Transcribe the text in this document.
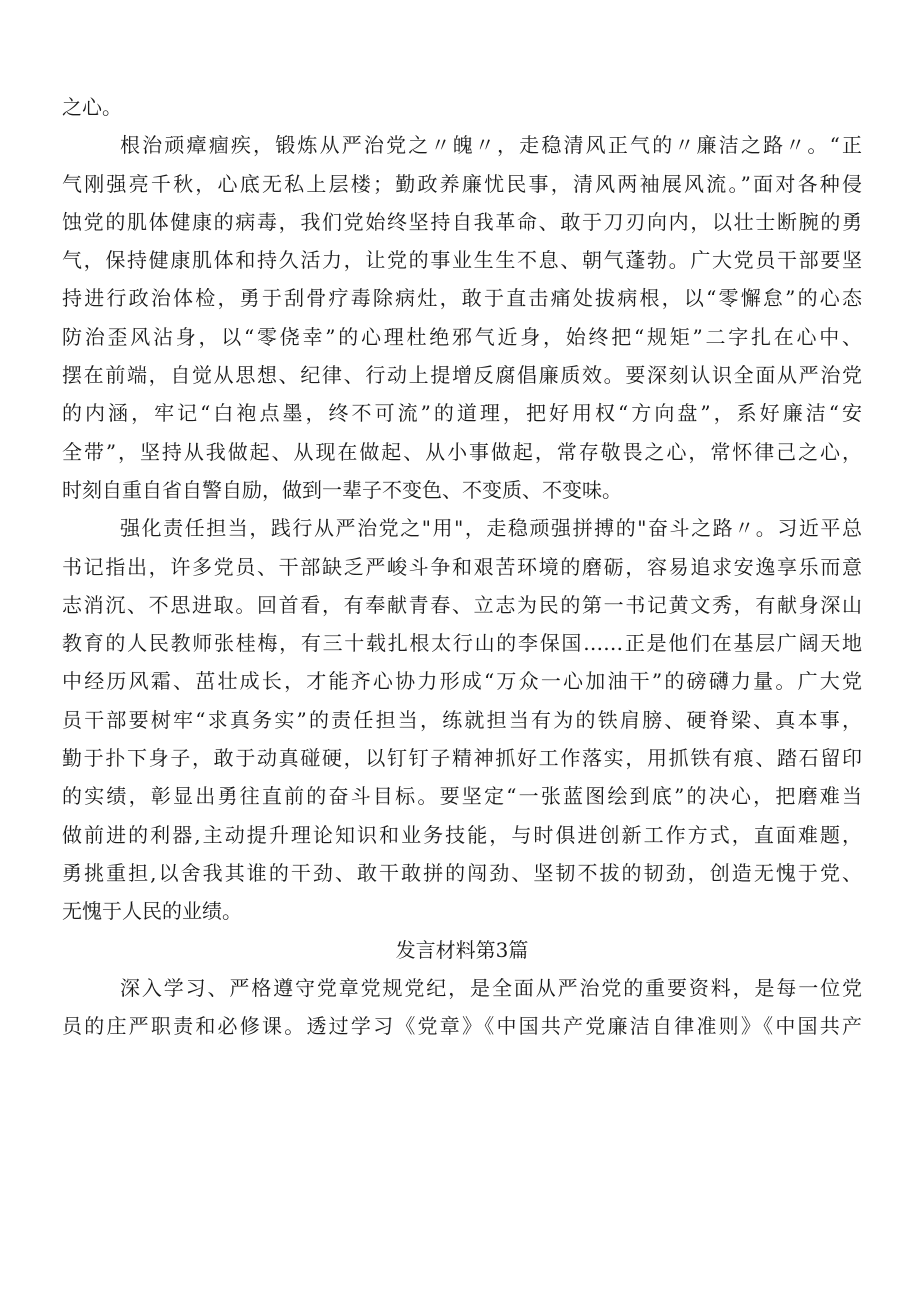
之心。
根治顽瘴痼疾，锻炼从严治党之〃魄〃，走稳清风正气的〃廉洁之路〃。“正
气刚强亮千秋，心底无私上层楼；勤政养廉忧民事，清风两袖展风流。”面对各种侵
蚀党的肌体健康的病毒，我们党始终坚持自我革命、敢于刀刃向内，以壮士断腕的勇
气，保持健康肌体和持久活力，让党的事业生生不息、朝气蓬勃。广大党员干部要坚
持进行政治体检，勇于刮骨疗毒除病灶，敢于直击痛处拔病根，以“零懈怠”的心态
防治歪风沾身，以“零侥幸”的心理杜绝邪气近身，始终把“规矩”二字扎在心中、
摆在前端，自觉从思想、纪律、行动上提增反腐倡廉质效。要深刻认识全面从严治党
的内涵，牢记“白袍点墨，终不可流”的道理，把好用权“方向盘”，系好廉洁“安
全带”，坚持从我做起、从现在做起、从小事做起，常存敬畏之心，常怀律己之心，
时刻自重自省自警自励，做到一辈子不变色、不变质、不变味。
强化责任担当，践行从严治党之"用"，走稳顽强拼搏的"奋斗之路〃。习近平总
书记指出，许多党员、干部缺乏严峻斗争和艰苦环境的磨砺，容易追求安逸享乐而意
志消沉、不思进取。回首看，有奉献青春、立志为民的第一书记黄文秀，有献身深山
教育的人民教师张桂梅，有三十载扎根太行山的李保国……正是他们在基层广阔天地
中经历风霜、茁壮成长，才能齐心协力形成“万众一心加油干”的磅礴力量。广大党
员干部要树牢“求真务实”的责任担当，练就担当有为的铁肩膀、硬脊梁、真本事，
勤于扑下身子，敢于动真碰硬，以钉钉子精神抓好工作落实，用抓铁有痕、踏石留印
的实绩，彰显出勇往直前的奋斗目标。要坚定“一张蓝图绘到底”的决心，把磨难当
做前进的利器,主动提升理论知识和业务技能，与时俱进创新工作方式，直面难题，
勇挑重担,以舍我其谁的干劲、敢干敢拼的闯劲、坚韧不拔的韧劲，创造无愧于党、
无愧于人民的业绩。
发言材料第3篇
深入学习、严格遵守党章党规党纪，是全面从严治党的重要资料，是每一位党
员的庄严职责和必修课。透过学习《党章》《中国共产党廉洁自律准则》《中国共产
